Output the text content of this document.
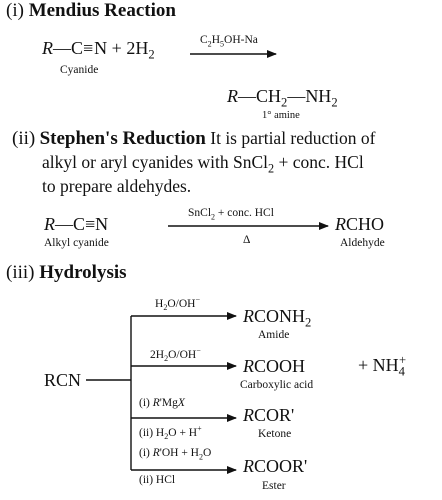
(i) Mendius Reaction
R—C≡N + $2H_2$
Cyanide
$C_2H_5OH-Na$
$R—CH_2—NH_2$
1° amine
(ii) Stephen's Reduction It is partial reduction of
alkyl or aryl cyanides with SnCl$_2$ + conc. HCl
to prepare aldehydes.
R—C≡N
Alkyl cyanide
SnCl$_2$ + conc. HCl
Δ
RCHO
Aldehyde
(iii) Hydrolysis
RCN
$H_2O/OH^-$
$RCONH_2$
Amide
$2H_2O/OH^-$
RCOOH	+ $NH_4^+$
Carboxylic acid
(i) R'MgX
(ii) $H_2O + H^+$
RCOR'
Ketone
(i) $R'OH + H_2O$
(ii) HCl
RCOOR'
Ester
